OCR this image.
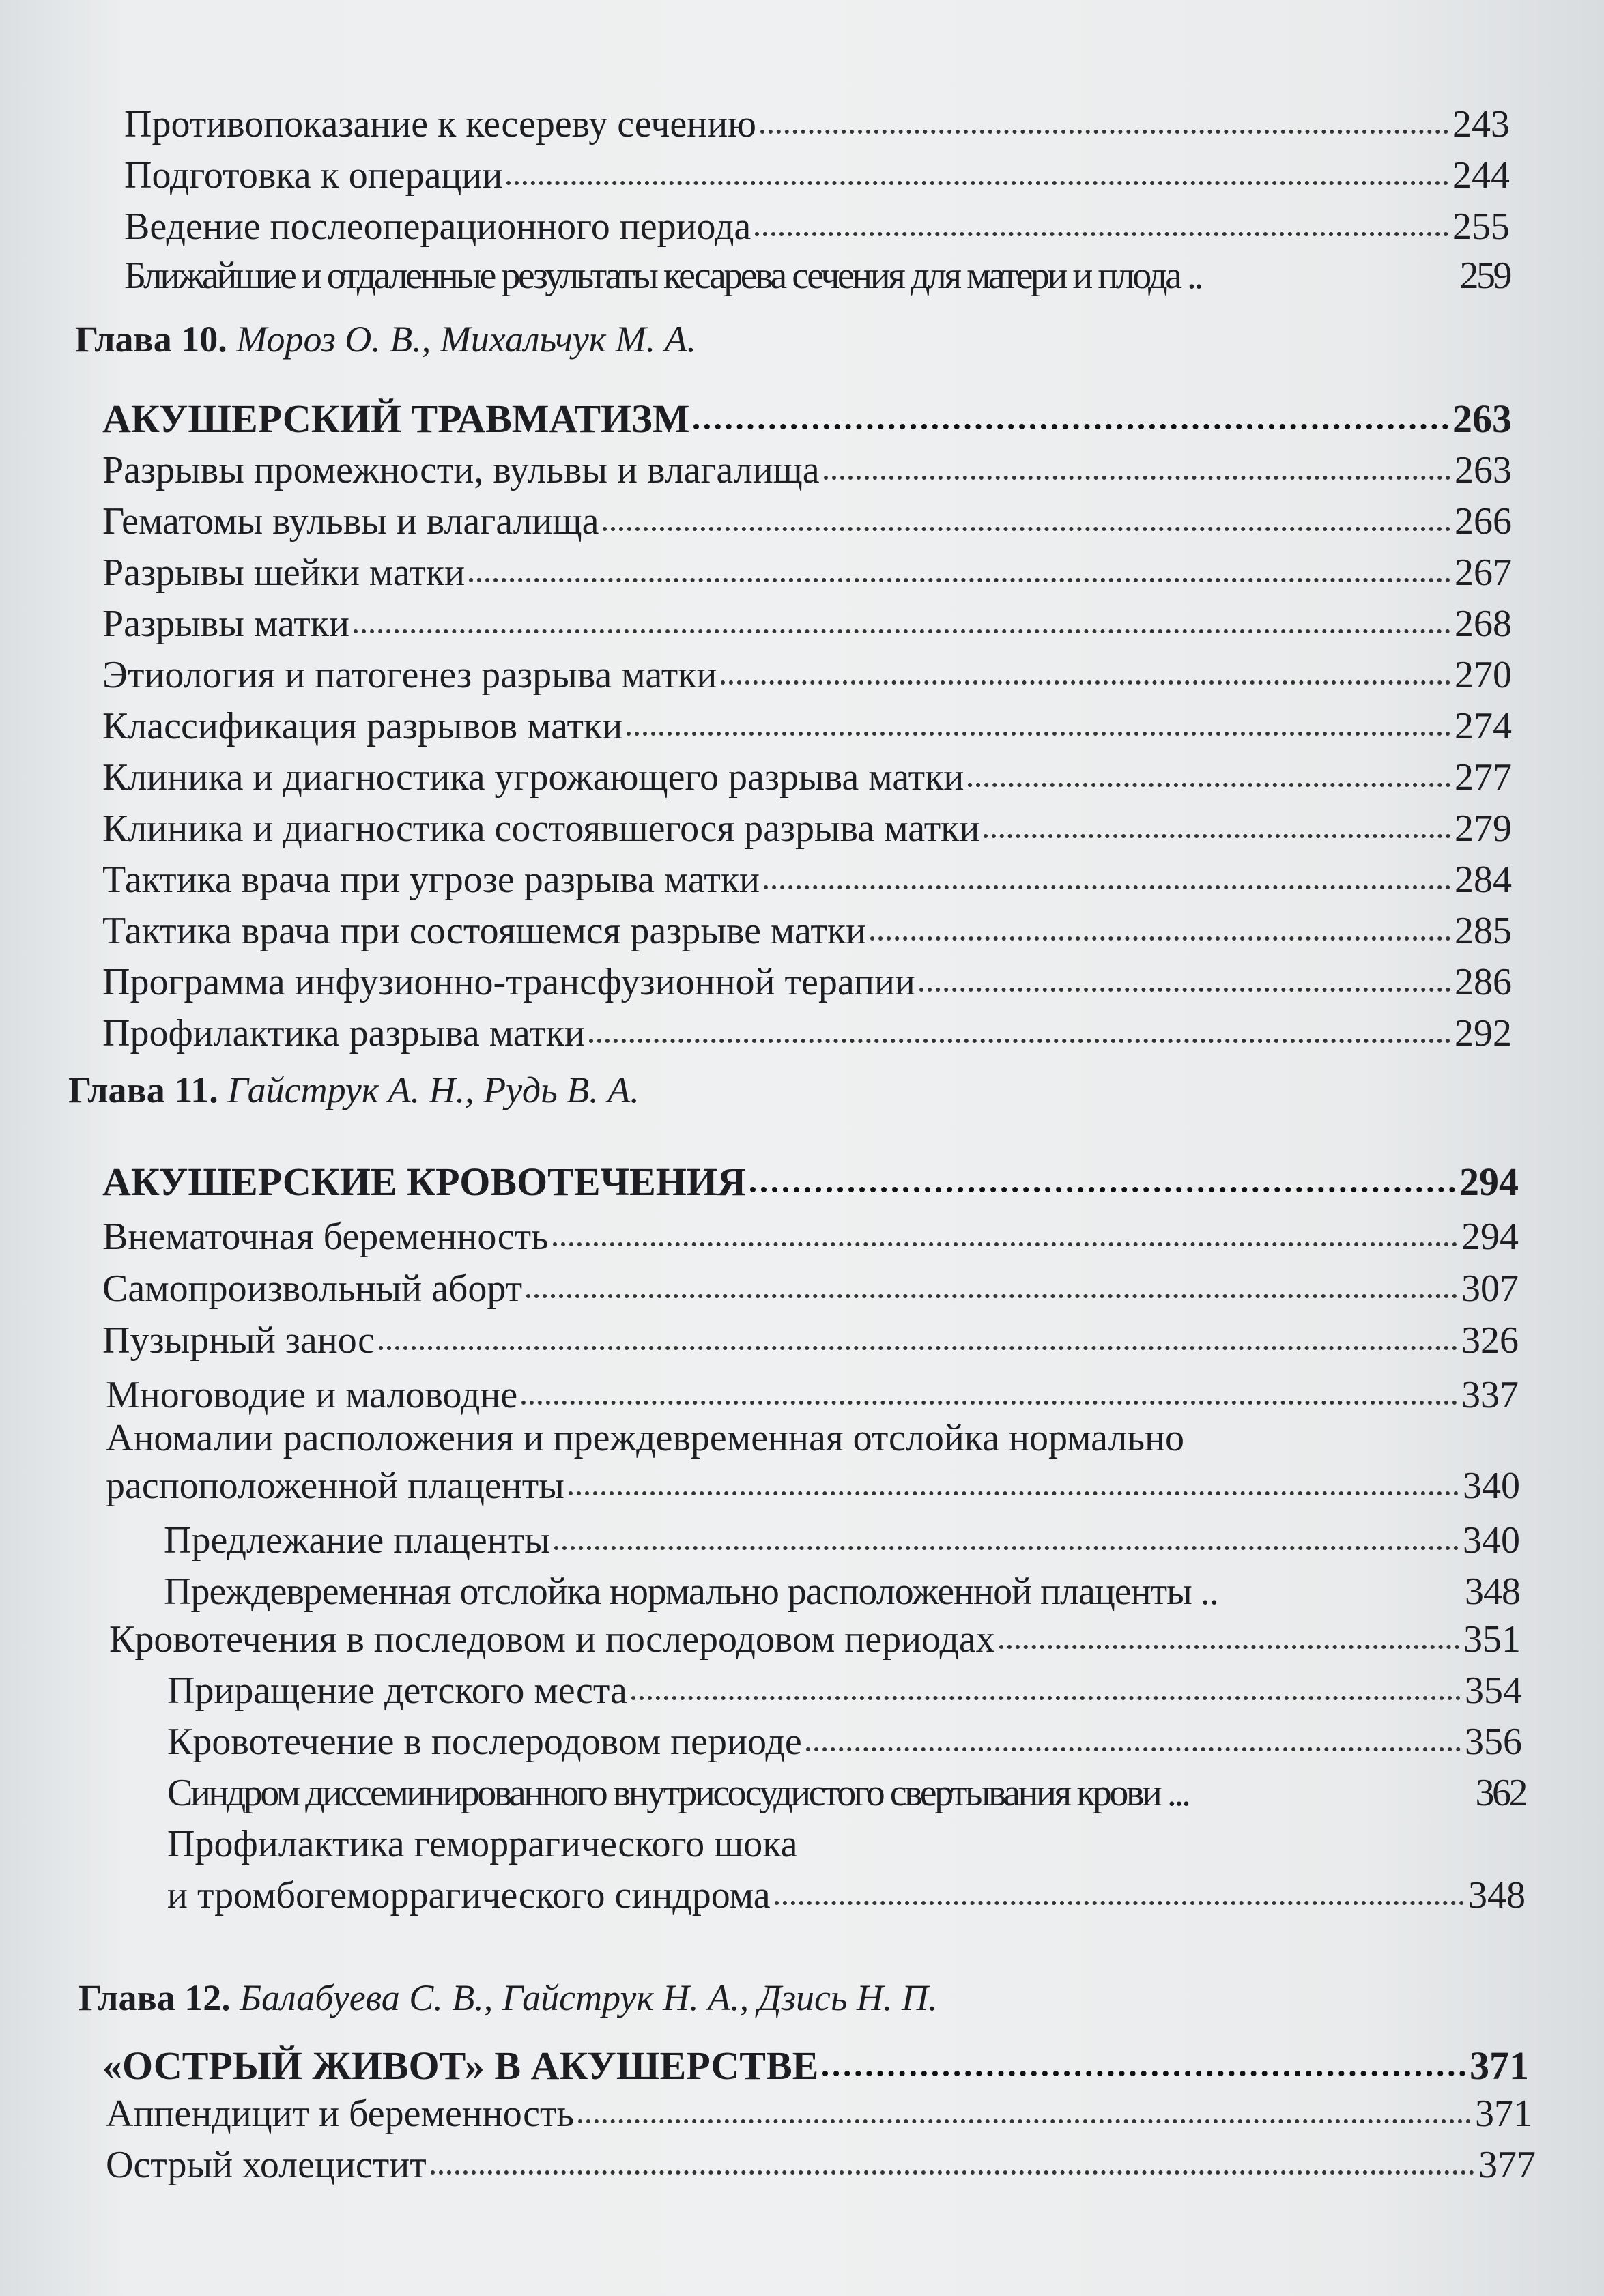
Противопоказание к кесереву сечению	243
Подготовка к операции	244
Ведение послеоперационного периода	255
Ближайшие и отдаленные результаты кесарева сечения для матери и плода ..	259
Глава 10. Мороз О. В., Михальчук М. А.
АКУШЕРСКИЙ ТРАВМАТИЗМ	263
Разрывы промежности, вульвы и влагалища	263
Гематомы вульвы и влагалища	266
Разрывы шейки матки	267
Разрывы матки	268
Этиология и патогенез разрыва матки	270
Классификация разрывов матки	274
Клиника и диагностика угрожающего разрыва матки	277
Клиника и диагностика состоявшегося разрыва матки	279
Тактика врача при угрозе разрыва матки	284
Тактика врача при состояшемся разрыве матки	285
Программа инфузионно-трансфузионной терапии	286
Профилактика разрыва матки	292
Глава 11. Гайструк А. Н., Рудь В. А.
АКУШЕРСКИЕ КРОВОТЕЧЕНИЯ	294
Внематочная беременность	294
Самопроизвольный аборт	307
Пузырный занос	326
Многоводие и маловодне	337
Аномалии расположения и преждевременная отслойка нормально
распоположенной плаценты	340
Предлежание плаценты	340
Преждевременная отслойка нормально расположенной плаценты ..	348
Кровотечения в последовом и послеродовом периодах	351
Приращение детского места	354
Кровотечение в послеродовом периоде	356
Синдром диссеминированного внутрисосудистого свертывания крови ...	362
Профилактика геморрагического шока
и тромбогеморрагического синдрома	348
Глава 12. Балабуева С. В., Гайструк Н. А., Дзись Н. П.
«ОСТРЫЙ ЖИВОТ» В АКУШЕРСТВЕ	371
Аппендицит и беременность	371
Острый холецистит	377
